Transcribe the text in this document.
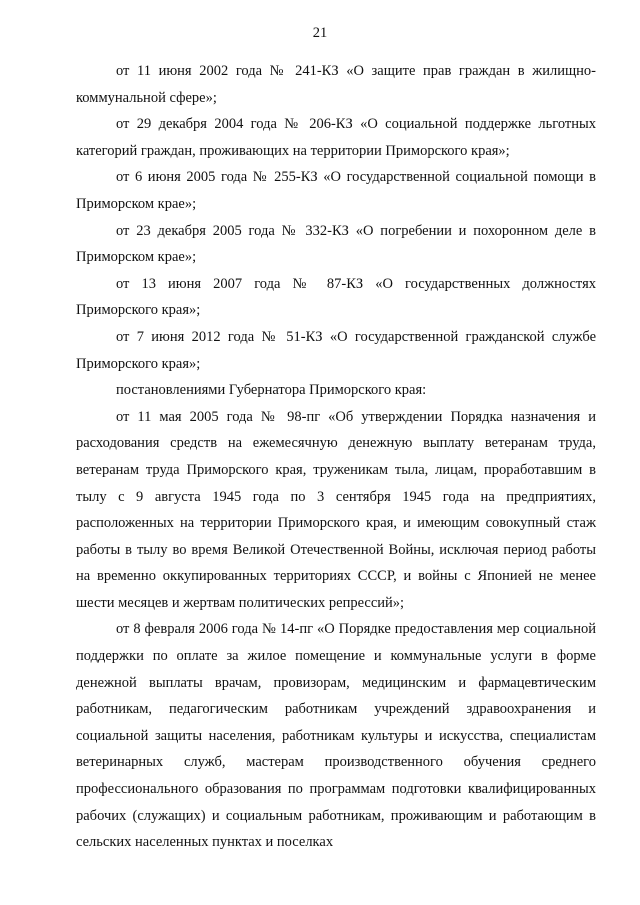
21

от 11 июня 2002 года № 241-КЗ «О защите прав граждан в жилищно-коммунальной сфере»;

от 29 декабря 2004 года № 206-КЗ «О социальной поддержке льготных категорий граждан, проживающих на территории Приморского края»;

от 6 июня 2005 года № 255-КЗ «О государственной социальной помощи в Приморском крае»;

от 23 декабря 2005 года № 332-КЗ «О погребении и похоронном деле в Приморском крае»;

от 13 июня 2007 года № 87-КЗ «О государственных должностях Приморского края»;

от 7 июня 2012 года № 51-КЗ «О государственной гражданской службе Приморского края»;

постановлениями Губернатора Приморского края:

от 11 мая 2005 года № 98-пг «Об утверждении Порядка назначения и расходования средств на ежемесячную денежную выплату ветеранам труда, ветеранам труда Приморского края, труженикам тыла, лицам, проработавшим в тылу с 9 августа 1945 года по 3 сентября 1945 года на предприятиях, расположенных на территории Приморского края, и имеющим совокупный стаж работы в тылу во время Великой Отечественной Войны, исключая период работы на временно оккупированных территориях СССР, и войны с Японией не менее шести месяцев и жертвам политических репрессий»;

от 8 февраля 2006 года № 14-пг «О Порядке предоставления мер социальной поддержки по оплате за жилое помещение и коммунальные услуги в форме денежной выплаты врачам, провизорам, медицинским и фармацевтическим работникам, педагогическим работникам учреждений здравоохранения и социальной защиты населения, работникам культуры и искусства, специалистам ветеринарных служб, мастерам производственного обучения среднего профессионального образования по программам подготовки квалифицированных рабочих (служащих) и социальным работникам, проживающим и работающим в сельских населенных пунктах и поселках
